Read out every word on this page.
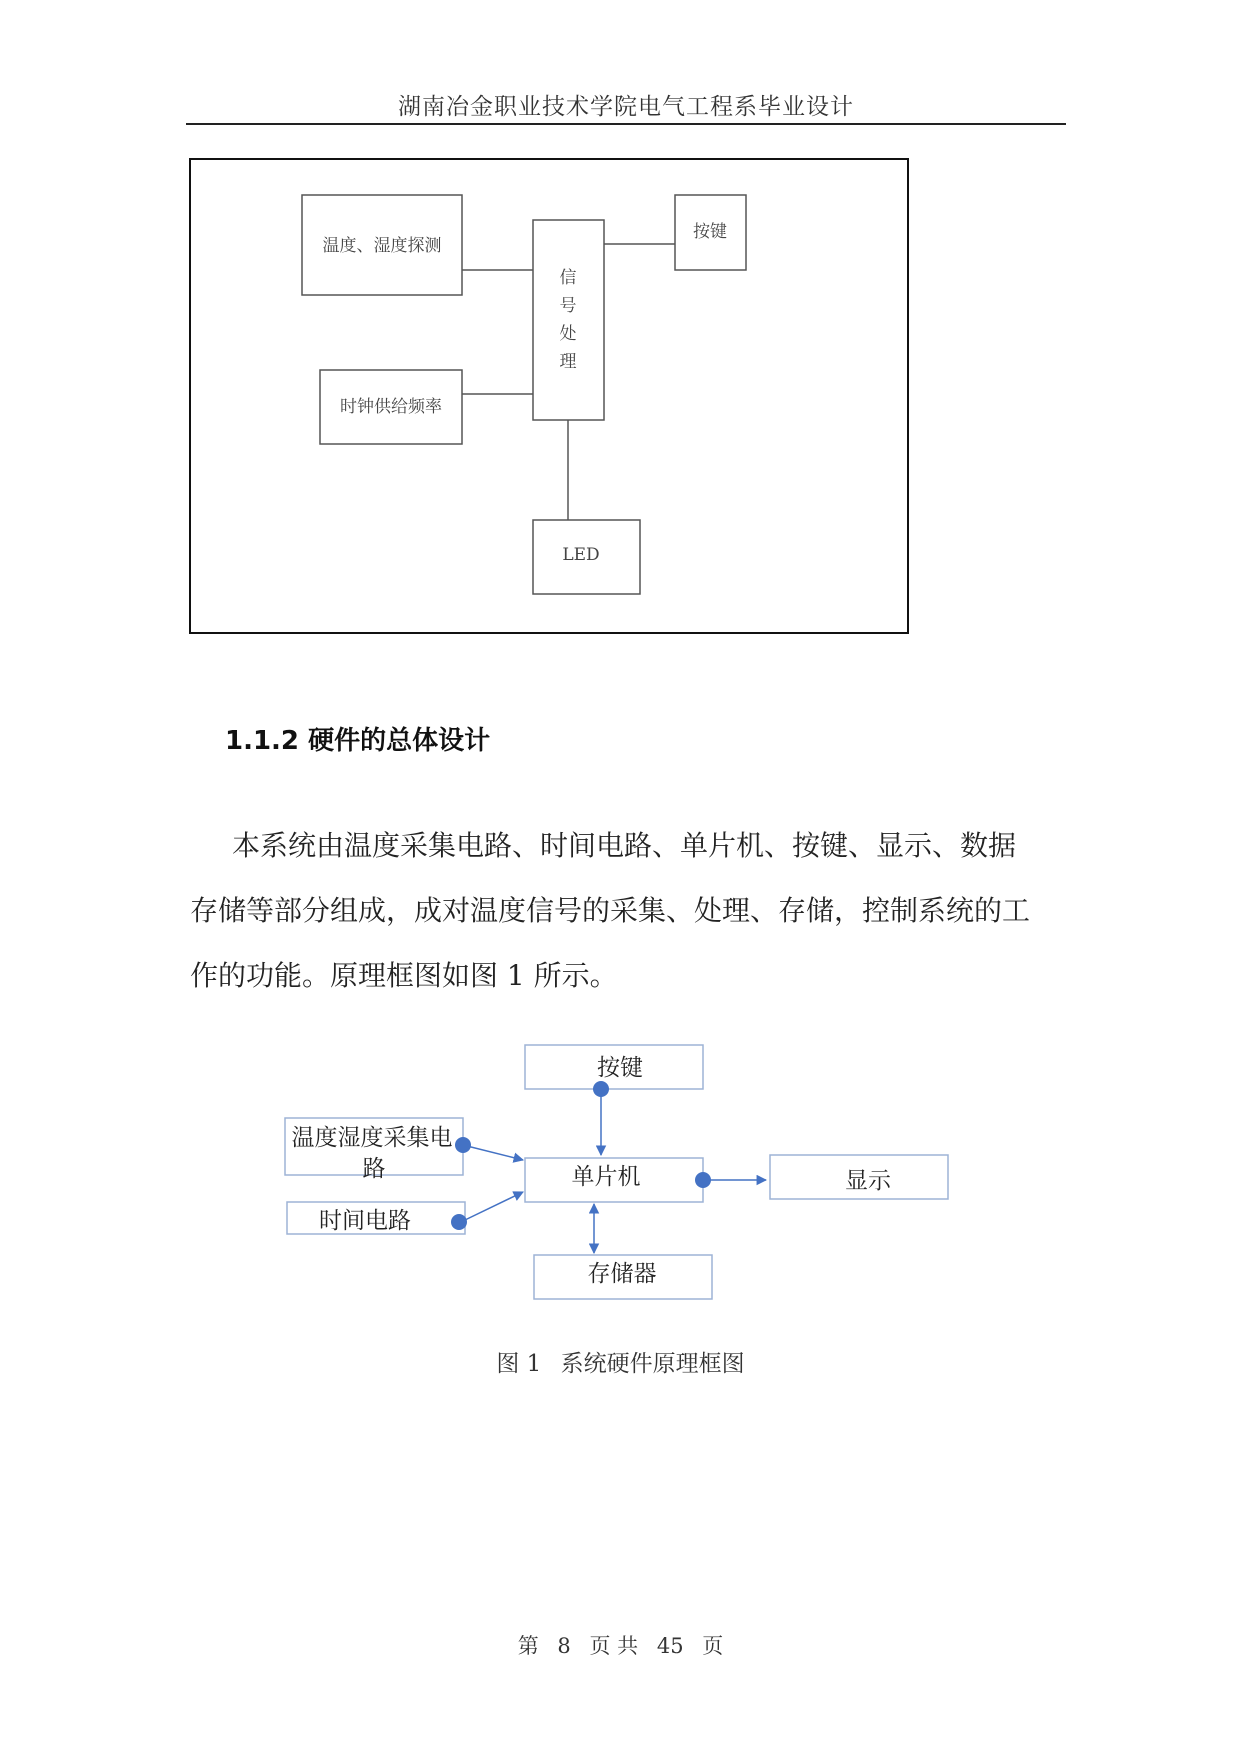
湖南冶金职业技术学院电气工程系毕业设计
温度、湿度探测
信
号
处
理
按键
时钟供给频率
LED
按键
温度湿度采集电
路	单片机	显示
时间电路
存储器
1.1.2 硬件的总体设计
本系统由温度采集电路、时间电路、单片机、按键、显示、数据
存储等部分组成，成对温度信号的采集、处理、存储，控制系统的工
作的功能。原理框图如图 1 所示。
图 1 系统硬件原理框图
第 8 页 共 45 页
